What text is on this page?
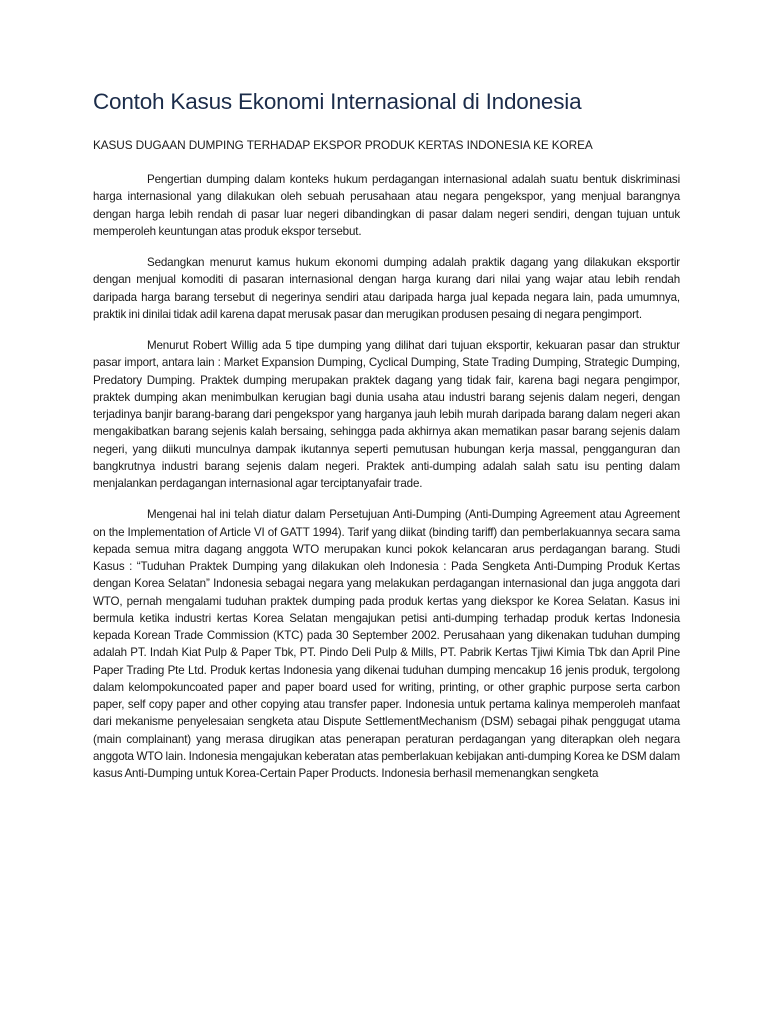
Contoh Kasus Ekonomi Internasional di Indonesia
KASUS DUGAAN DUMPING TERHADAP EKSPOR PRODUK KERTAS INDONESIA KE KOREA

Pengertian dumping dalam konteks hukum perdagangan internasional adalah suatu bentuk diskriminasi harga internasional yang dilakukan oleh sebuah perusahaan atau negara pengekspor, yang menjual barangnya dengan harga lebih rendah di pasar luar negeri dibandingkan di pasar dalam negeri sendiri, dengan tujuan untuk memperoleh keuntungan atas produk ekspor tersebut.

Sedangkan menurut kamus hukum ekonomi dumping adalah praktik dagang yang dilakukan eksportir dengan menjual komoditi di pasaran internasional dengan harga kurang dari nilai yang wajar atau lebih rendah daripada harga barang tersebut di negerinya sendiri atau daripada harga jual kepada negara lain, pada umumnya, praktik ini dinilai tidak adil karena dapat merusak pasar dan merugikan produsen pesaing di negara pengimport.

Menurut Robert Willig ada 5 tipe dumping yang dilihat dari tujuan eksportir, kekuaran pasar dan struktur pasar import, antara lain : Market Expansion Dumping, Cyclical Dumping, State Trading Dumping, Strategic Dumping, Predatory Dumping. Praktek dumping merupakan praktek dagang yang tidak fair, karena bagi negara pengimpor, praktek dumping akan menimbulkan kerugian bagi dunia usaha atau industri barang sejenis dalam negeri, dengan terjadinya banjir barang-barang dari pengekspor yang harganya jauh lebih murah daripada barang dalam negeri akan mengakibatkan barang sejenis kalah bersaing, sehingga pada akhirnya akan mematikan pasar barang sejenis dalam negeri, yang diikuti munculnya dampak ikutannya seperti pemutusan hubungan kerja massal, pengganguran dan bangkrutnya industri barang sejenis dalam negeri. Praktek anti-dumping adalah salah satu isu penting dalam menjalankan perdagangan internasional agar terciptanyafair trade.

Mengenai hal ini telah diatur dalam Persetujuan Anti-Dumping (Anti-Dumping Agreement atau Agreement on the Implementation of Article VI of GATT 1994). Tarif yang diikat (binding tariff) dan pemberlakuannya secara sama kepada semua mitra dagang anggota WTO merupakan kunci pokok kelancaran arus perdagangan barang. Studi Kasus : “Tuduhan Praktek Dumping yang dilakukan oleh Indonesia : Pada Sengketa Anti-Dumping Produk Kertas dengan Korea Selatan” Indonesia sebagai negara yang melakukan perdagangan internasional dan juga anggota dari WTO, pernah mengalami tuduhan praktek dumping pada produk kertas yang diekspor ke Korea Selatan. Kasus ini bermula ketika industri kertas Korea Selatan mengajukan petisi anti-dumping terhadap produk kertas Indonesia kepada Korean Trade Commission (KTC) pada 30 September 2002. Perusahaan yang dikenakan tuduhan dumping adalah PT. Indah Kiat Pulp & Paper Tbk, PT. Pindo Deli Pulp & Mills, PT. Pabrik Kertas Tjiwi Kimia Tbk dan April Pine Paper Trading Pte Ltd. Produk kertas Indonesia yang dikenai tuduhan dumping mencakup 16 jenis produk, tergolong dalam kelompokuncoated paper and paper board used for writing, printing, or other graphic purpose serta carbon paper, self copy paper and other copying atau transfer paper. Indonesia untuk pertama kalinya memperoleh manfaat dari mekanisme penyelesaian sengketa atau Dispute SettlementMechanism (DSM) sebagai pihak penggugat utama (main complainant) yang merasa dirugikan atas penerapan peraturan perdagangan yang diterapkan oleh negara anggota WTO lain. Indonesia mengajukan keberatan atas pemberlakuan kebijakan anti-dumping Korea ke DSM dalam kasus Anti-Dumping untuk Korea-Certain Paper Products. Indonesia berhasil memenangkan sengketa
